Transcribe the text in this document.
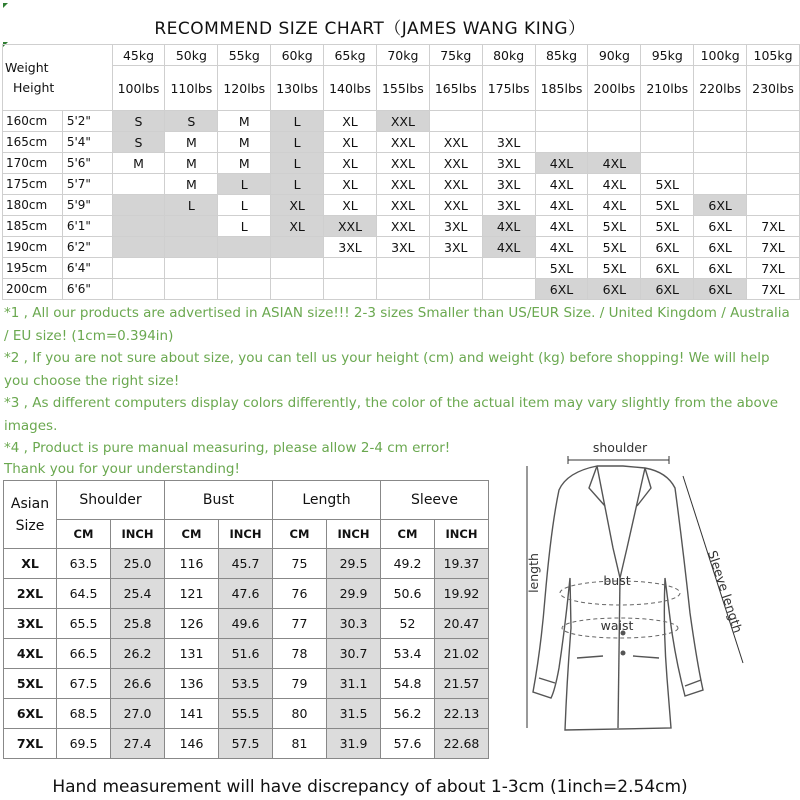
RECOMMEND SIZE CHART（JAMES WANG KING）
Weight
Height		45kg	50kg	55kg	60kg	65kg	70kg	75kg	80kg	85kg	90kg	95kg	100kg	105kg
		100lbs	110lbs	120lbs	130lbs	140lbs	155lbs	165lbs	175lbs	185lbs	200lbs	210lbs	220lbs	230lbs
160cm	5'2"	S	S	M	L	XL	XXL							
165cm	5'4"	S	M	M	L	XL	XXL	XXL	3XL					
170cm	5'6"	M	M	M	L	XL	XXL	XXL	3XL	4XL	4XL			
175cm	5'7"		M	L	L	XL	XXL	XXL	3XL	4XL	4XL	5XL		
180cm	5'9"		L	L	XL	XL	XXL	XXL	3XL	4XL	4XL	5XL	6XL	
185cm	6'1"			L	XL	XXL	XXL	3XL	4XL	4XL	5XL	5XL	6XL	7XL
190cm	6'2"					3XL	3XL	3XL	4XL	4XL	5XL	6XL	6XL	7XL
195cm	6'4"									5XL	5XL	6XL	6XL	7XL
200cm	6'6"									6XL	6XL	6XL	6XL	7XL

*1 , All our products are advertised in ASIAN size!!! 2-3 sizes Smaller than US/EUR Size. / United Kingdom / Australia / EU size! (1cm=0.394in)

*2 , If you are not sure about size, you can tell us your height (cm) and weight (kg) before shopping! We will help you choose the right size!

*3 , As different computers display colors differently, the color of the actual item may vary slightly from the above images.

*4 , Product is pure manual measuring, please allow 2-4 cm error!

Thank you for your understanding!

Asian
Size	Shoulder		Bust		Length		Sleeve	
	CM	INCH	CM	INCH	CM	INCH	CM	INCH
XL	63.5	25.0	116	45.7	75	29.5	49.2	19.37
2XL	64.5	25.4	121	47.6	76	29.9	50.6	19.92
3XL	65.5	25.8	126	49.6	77	30.3	52	20.47
4XL	66.5	26.2	131	51.6	78	30.7	53.4	21.02
5XL	67.5	26.6	136	53.5	79	31.1	54.8	21.57
6XL	68.5	27.0	141	55.5	80	31.5	56.2	22.13
7XL	69.5	27.4	146	57.5	81	31.9	57.6	22.68
shoulder
length	bust
waist	Sleeve length
Hand measurement will have discrepancy of about 1-3cm (1inch=2.54cm)
